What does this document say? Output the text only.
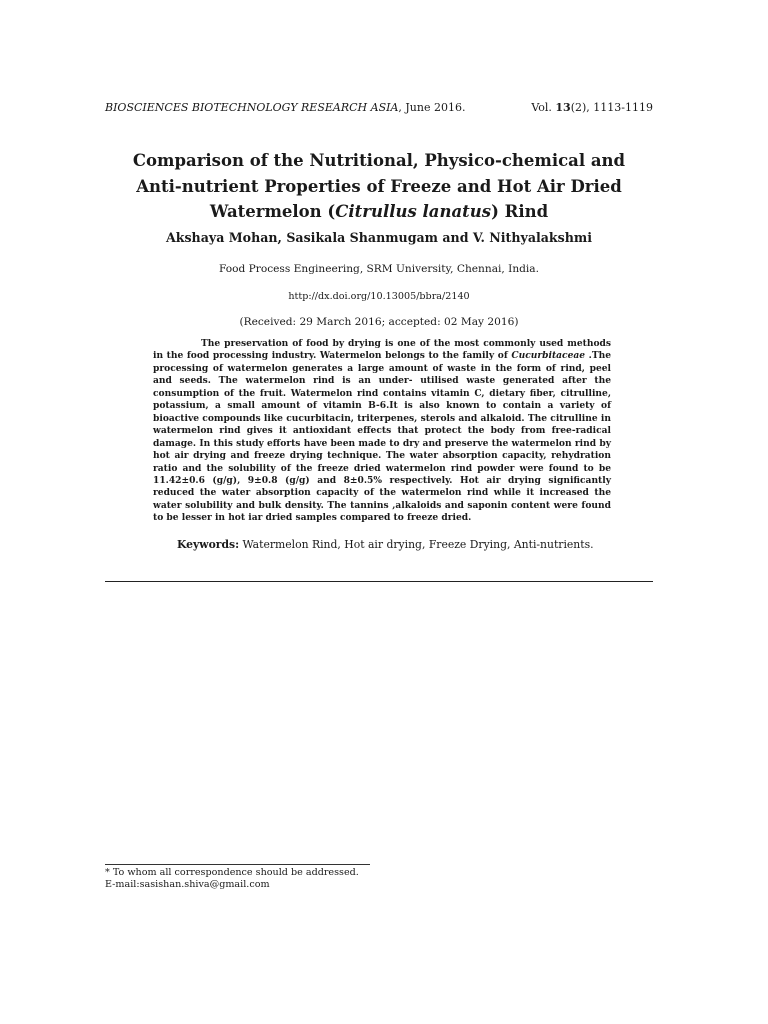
BIOSCIENCES BIOTECHNOLOGY RESEARCH ASIA, June 2016.	Vol. 13(2), 1113-1119
Comparison of the Nutritional, Physico-chemical and
Anti-nutrient Properties of Freeze and Hot Air Dried
Watermelon (Citrullus lanatus) Rind
Akshaya Mohan, Sasikala Shanmugam and V. Nithyalakshmi
Food Process Engineering, SRM University, Chennai, India.
http://dx.doi.org/10.13005/bbra/2140
(Received: 29 March 2016; accepted: 02 May 2016)

The preservation of food by drying is one of the most commonly used methods in the food processing industry. Watermelon belongs to the family of Cucurbitaceae .The processing of watermelon generates a large amount of waste in the form of rind, peel and seeds. The watermelon rind is an under- utilised waste generated after the consumption of the fruit. Watermelon rind contains vitamin C, dietary fiber, citrulline, potassium, a small amount of vitamin B-6.It is also known to contain a variety of bioactive compounds like cucurbitacin, triterpenes, sterols and alkaloid. The citrulline in watermelon rind gives it antioxidant effects that protect the body from free-radical damage. In this study efforts have been made to dry and preserve the watermelon rind by hot air drying and freeze drying technique. The water absorption capacity, rehydration ratio and the solubility of the freeze dried watermelon rind powder were found to be 11.42±0.6 (g/g), 9±0.8 (g/g) and 8±0.5% respectively. Hot air drying significantly reduced the water absorption capacity of the watermelon rind while it increased the water solubility and bulk density. The tannins ,alkaloids and saponin content were found to be lesser in hot iar dried samples compared to freeze dried.

Keywords: Watermelon Rind, Hot air drying, Freeze Drying, Anti-nutrients.
* To whom all correspondence should be addressed.
E-mail:sasishan.shiva@gmail.com
